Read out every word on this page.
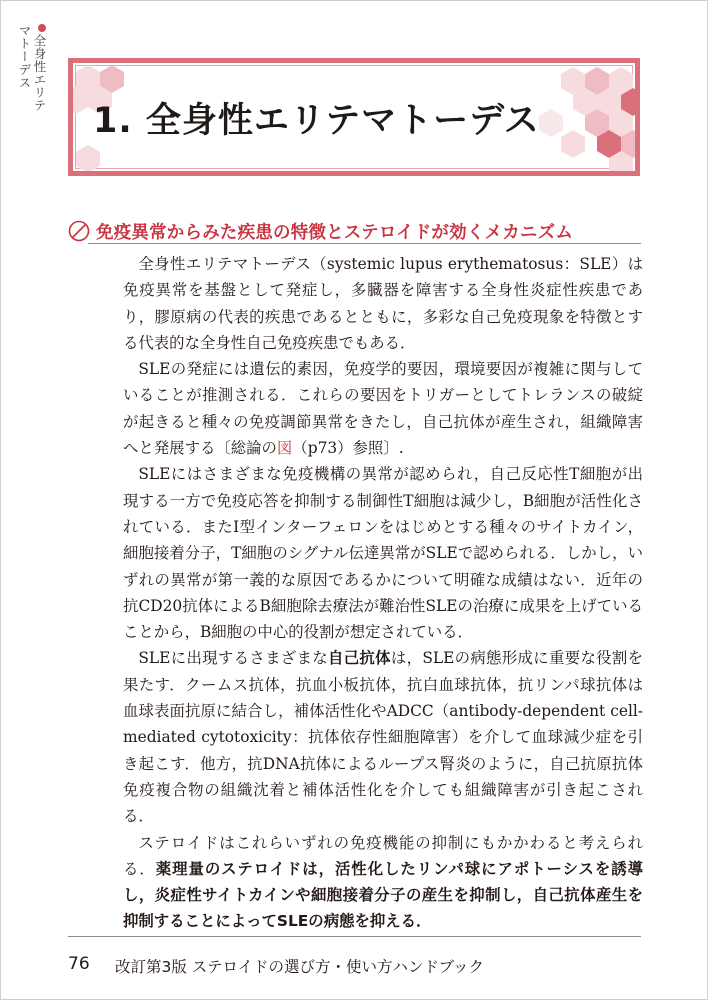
全身性エリテ
マトーデス
1. 全身性エリテマトーデス
免疫異常からみた疾患の特徴とステロイドが効くメカニズム

全身性エリテマトーデス（systemic lupus erythematosus：SLE）は免疫異常を基盤として発症し，多臓器を障害する全身性炎症性疾患であり，膠原病の代表的疾患であるとともに，多彩な自己免疫現象を特徴とする代表的な全身性自己免疫疾患でもある．

SLEの発症には遺伝的素因，免疫学的要因，環境要因が複雑に関与していることが推測される．これらの要因をトリガーとしてトレランスの破綻が起きると種々の免疫調節異常をきたし，自己抗体が産生され，組織障害へと発展する〔総論の図（p73）参照〕.

SLEにはさまざまな免疫機構の異常が認められ，自己反応性T細胞が出現する一方で免疫応答を抑制する制御性T細胞は減少し，B細胞が活性化されている．またⅠ型インターフェロンをはじめとする種々のサイトカイン，細胞接着分子，T細胞のシグナル伝達異常がSLEで認められる．しかし，いずれの異常が第一義的な原因であるかについて明確な成績はない．近年の抗CD20抗体によるB細胞除去療法が難治性SLEの治療に成果を上げていることから，B細胞の中心的役割が想定されている．

SLEに出現するさまざまな自己抗体は，SLEの病態形成に重要な役割を果たす．クームス抗体，抗血小板抗体，抗白血球抗体，抗リンパ球抗体は血球表面抗原に結合し，補体活性化やADCC（antibody-dependent cell-mediated cytotoxicity：抗体依存性細胞障害）を介して血球減少症を引き起こす．他方，抗DNA抗体によるループス腎炎のように，自己抗原抗体免疫複合物の組織沈着と補体活性化を介しても組織障害が引き起こされる．

ステロイドはこれらいずれの免疫機能の抑制にもかかわると考えられる．薬理量のステロイドは，活性化したリンパ球にアポトーシスを誘導し，炎症性サイトカインや細胞接着分子の産生を抑制し，自己抗体産生を抑制することによってSLEの病態を抑える．

76 改訂第3版 ステロイドの選び方・使い方ハンドブック
